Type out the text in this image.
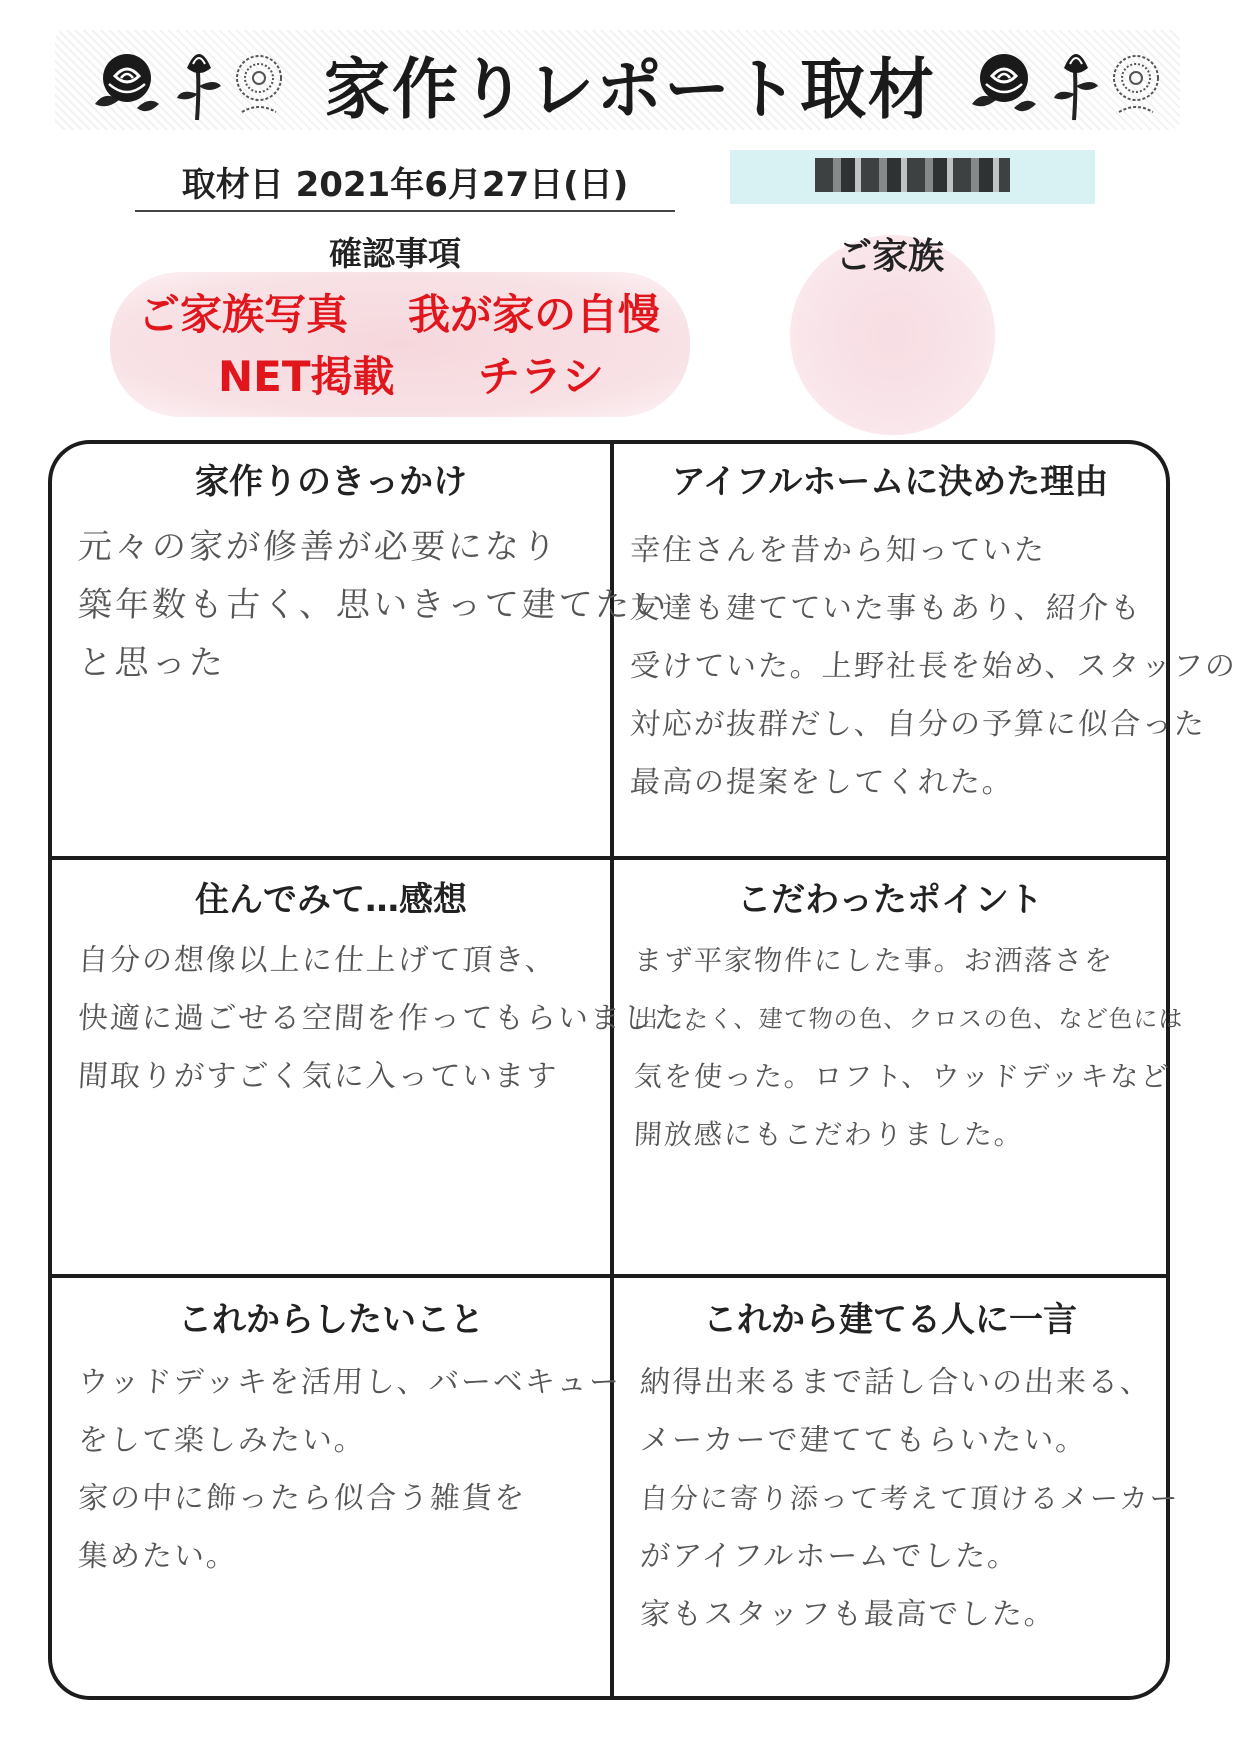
家作りレポート取材
取材日 2021年6月27日(日)
確認事項
ご家族写真 我が家の自慢
NET掲載 チラシ
ご家族
家作りのきっかけ
元々の家が修善が必要になり
築年数も古く、思いきって建てたい
と思った
アイフルホームに決めた理由
幸住さんを昔から知っていた
友達も建てていた事もあり、紹介も
受けていた。上野社長を始め、スタッフの
対応が抜群だし、自分の予算に似合った
最高の提案をしてくれた。
住んでみて…感想
自分の想像以上に仕上げて頂き、
快適に過ごせる空間を作ってもらいました。
間取りがすごく気に入っています
こだわったポイント
まず平家物件にした事。お洒落さを
出したく、建て物の色、クロスの色、など色には
気を使った。ロフト、ウッドデッキなど
開放感にもこだわりました。
これからしたいこと
ウッドデッキを活用し、バーベキュー
をして楽しみたい。
家の中に飾ったら似合う雑貨を
集めたい。
これから建てる人に一言
納得出来るまで話し合いの出来る、
メーカーで建ててもらいたい。
自分に寄り添って考えて頂けるメーカー
がアイフルホームでした。
家もスタッフも最高でした。
